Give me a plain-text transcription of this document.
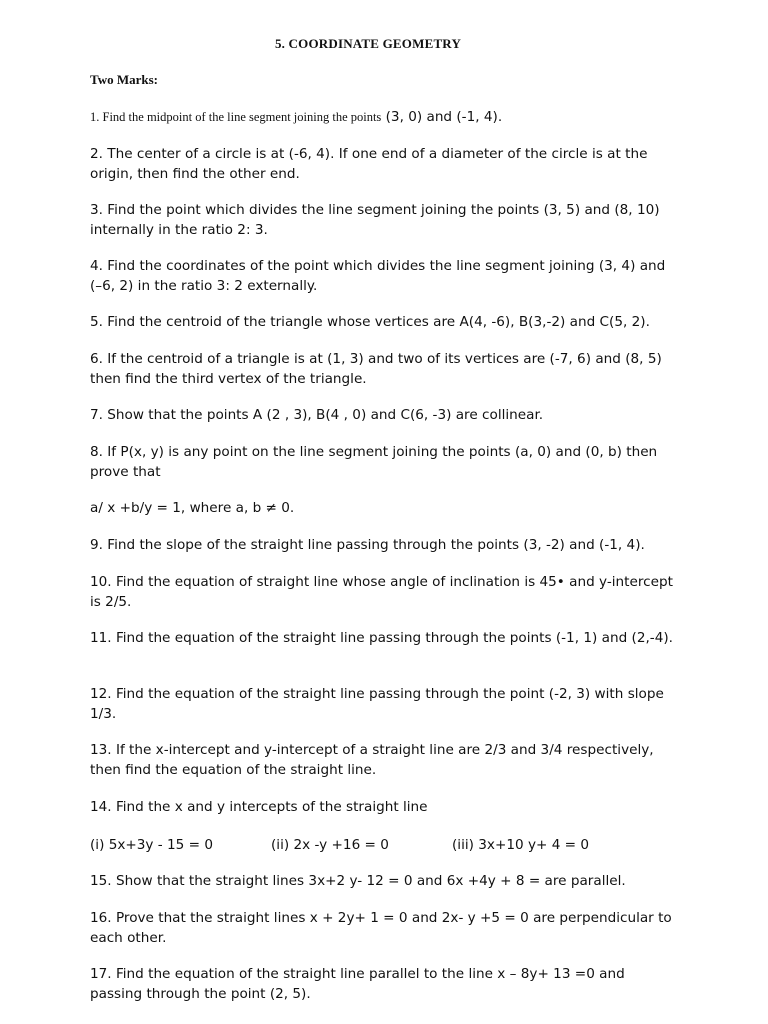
5. COORDINATE GEOMETRY
Two Marks:

1. Find the midpoint of the line segment joining the points (3, 0) and (-1, 4).

2. The center of a circle is at (-6, 4). If one end of a diameter of the circle is at the origin, then find the other end.

3. Find the point which divides the line segment joining the points (3, 5) and (8, 10) internally in the ratio 2: 3.

4. Find the coordinates of the point which divides the line segment joining (3, 4) and (–6, 2) in the ratio 3: 2 externally.

5. Find the centroid of the triangle whose vertices are A(4, -6), B(3,-2) and C(5, 2).

6. If the centroid of a triangle is at (1, 3) and two of its vertices are (-7, 6) and (8, 5) then find the third vertex of the triangle.

7. Show that the points A (2 , 3), B(4 , 0) and C(6, -3) are collinear.

8. If P(x, y) is any point on the line segment joining the points (a, 0) and (0, b) then prove that

a/ x +b/y = 1, where a, b ≠ 0.

9. Find the slope of the straight line passing through the points (3, -2) and (-1, 4).

10. Find the equation of straight line whose angle of inclination is 45• and y-intercept is 2/5.

11. Find the equation of the straight line passing through the points (-1, 1) and (2,-4).

12. Find the equation of the straight line passing through the point (-2, 3) with slope 1/3.

13. If the x-intercept and y-intercept of a straight line are 2/3 and 3/4 respectively, then find the equation of the straight line.

14. Find the x and y intercepts of the straight line

(i) 5x+3y - 15 = 0	(ii) 2x -y +16 = 0	(iii) 3x+10 y+ 4 = 0

15. Show that the straight lines 3x+2 y- 12 = 0 and 6x +4y + 8 = are parallel.

16. Prove that the straight lines x + 2y+ 1 = 0 and 2x- y +5 = 0 are perpendicular to each other.

17. Find the equation of the straight line parallel to the line x – 8y+ 13 =0 and passing through the point (2, 5).
